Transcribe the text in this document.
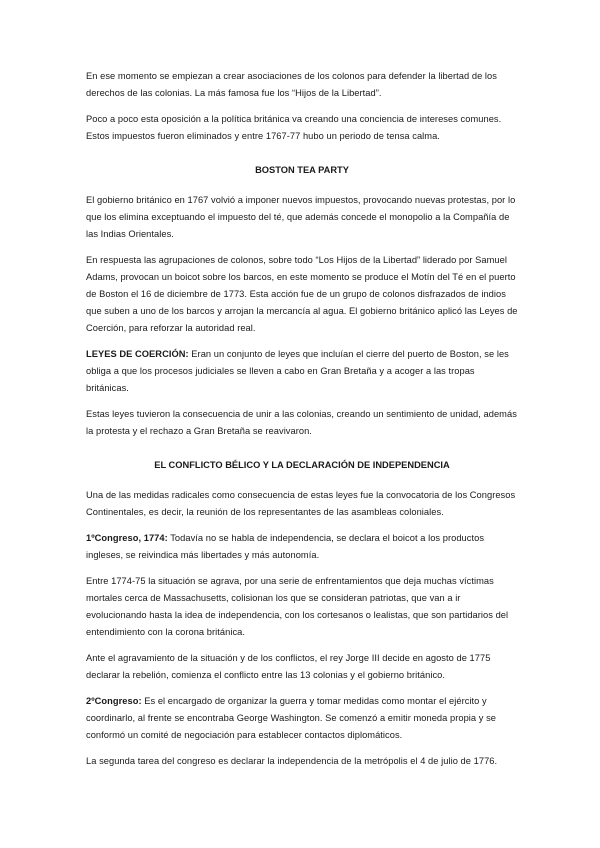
En ese momento se empiezan a crear asociaciones de los colonos para defender la libertad de los derechos de las colonias. La más famosa fue los “Hijos de la Libertad”.

Poco a poco esta oposición a la política británica va creando una conciencia de intereses comunes. Estos impuestos fueron eliminados y entre 1767-77 hubo un periodo de tensa calma.

BOSTON TEA PARTY

El gobierno británico en 1767 volvió a imponer nuevos impuestos, provocando nuevas protestas, por lo que los elimina exceptuando el impuesto del té, que además concede el monopolio a la Compañía de las Indias Orientales.

En respuesta las agrupaciones de colonos, sobre todo “Los Hijos de la Libertad” liderado por Samuel Adams, provocan un boicot sobre los barcos, en este momento se produce el Motín del Té en el puerto de Boston el 16 de diciembre de 1773. Esta acción fue de un grupo de colonos disfrazados de indios que suben a uno de los barcos y arrojan la mercancía al agua. El gobierno británico aplicó las Leyes de Coerción, para reforzar la autoridad real.

LEYES DE COERCIÓN: Eran un conjunto de leyes que incluían el cierre del puerto de Boston, se les obliga a que los procesos judiciales se lleven a cabo en Gran Bretaña y a acoger a las tropas británicas.

Estas leyes tuvieron la consecuencia de unir a las colonias, creando un sentimiento de unidad, además la protesta y el rechazo a Gran Bretaña se reavivaron.

EL CONFLICTO BÉLICO Y LA DECLARACIÓN DE INDEPENDENCIA

Una de las medidas radicales como consecuencia de estas leyes fue la convocatoria de los Congresos Continentales, es decir, la reunión de los representantes de las asambleas coloniales.

1ºCongreso, 1774: Todavía no se habla de independencia, se declara el boicot a los productos ingleses, se reivindica más libertades y más autonomía.

Entre 1774-75 la situación se agrava, por una serie de enfrentamientos que deja muchas víctimas mortales cerca de Massachusetts, colisionan los que se consideran patriotas, que van a ir evolucionando hasta la idea de independencia, con los cortesanos o lealistas, que son partidarios del entendimiento con la corona británica.

Ante el agravamiento de la situación y de los conflictos, el rey Jorge III decide en agosto de 1775 declarar la rebelión, comienza el conflicto entre las 13 colonias y el gobierno británico.

2ºCongreso: Es el encargado de organizar la guerra y tomar medidas como montar el ejército y coordinarlo, al frente se encontraba George Washington. Se comenzó a emitir moneda propia y se conformó un comité de negociación para establecer contactos diplomáticos.

La segunda tarea del congreso es declarar la independencia de la metrópolis el 4 de julio de 1776.
